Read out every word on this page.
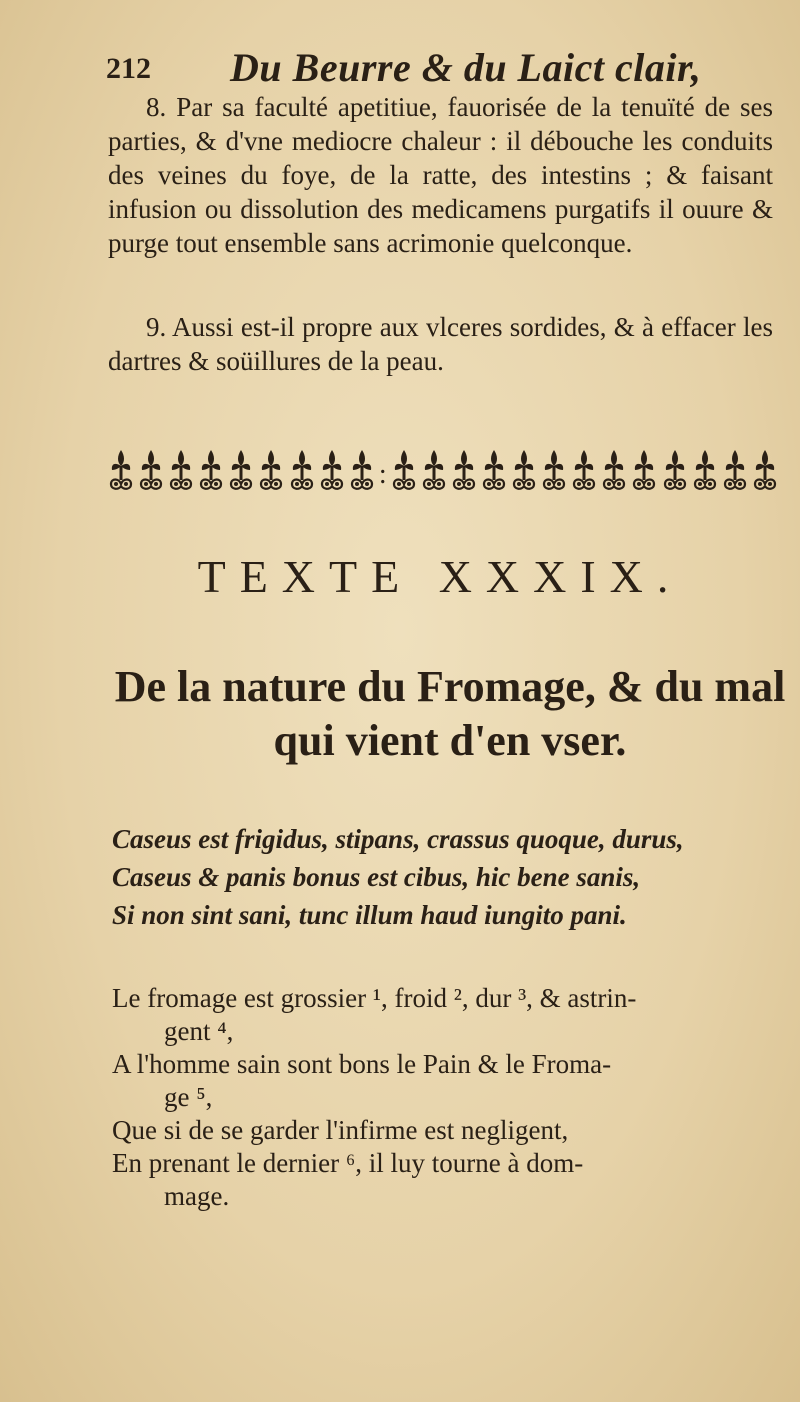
212 Du Beurre & du Laict clair,
8. Par sa faculté apetitiue, fauorisée de la tenuïté de ses parties, & d'vne mediocre chaleur : il débouche les conduits des veines du foye, de la ratte, des intestins ; & faisant infusion ou dissolution des medicamens purgatifs il ouure & purge tout ensemble sans acrimonie quelconque.
9. Aussi est-il propre aux vlceres sordides, & à effacer les dartres & soüillures de la peau.
:
TEXTE XXXIX.
De la nature du Fromage, & du mal
qui vient d'en vser.
Caseus est frigidus, stipans, crassus quoque, durus,
Caseus & panis bonus est cibus, hic bene sanis,
Si non sint sani, tunc illum haud iungito pani.
Le fromage est grossier ¹, froid ², dur ³, & astrin-
gent ⁴,
A l'homme sain sont bons le Pain & le Froma-
ge ⁵,
Que si de se garder l'infirme est negligent,
En prenant le dernier ⁶, il luy tourne à dom-
mage.
